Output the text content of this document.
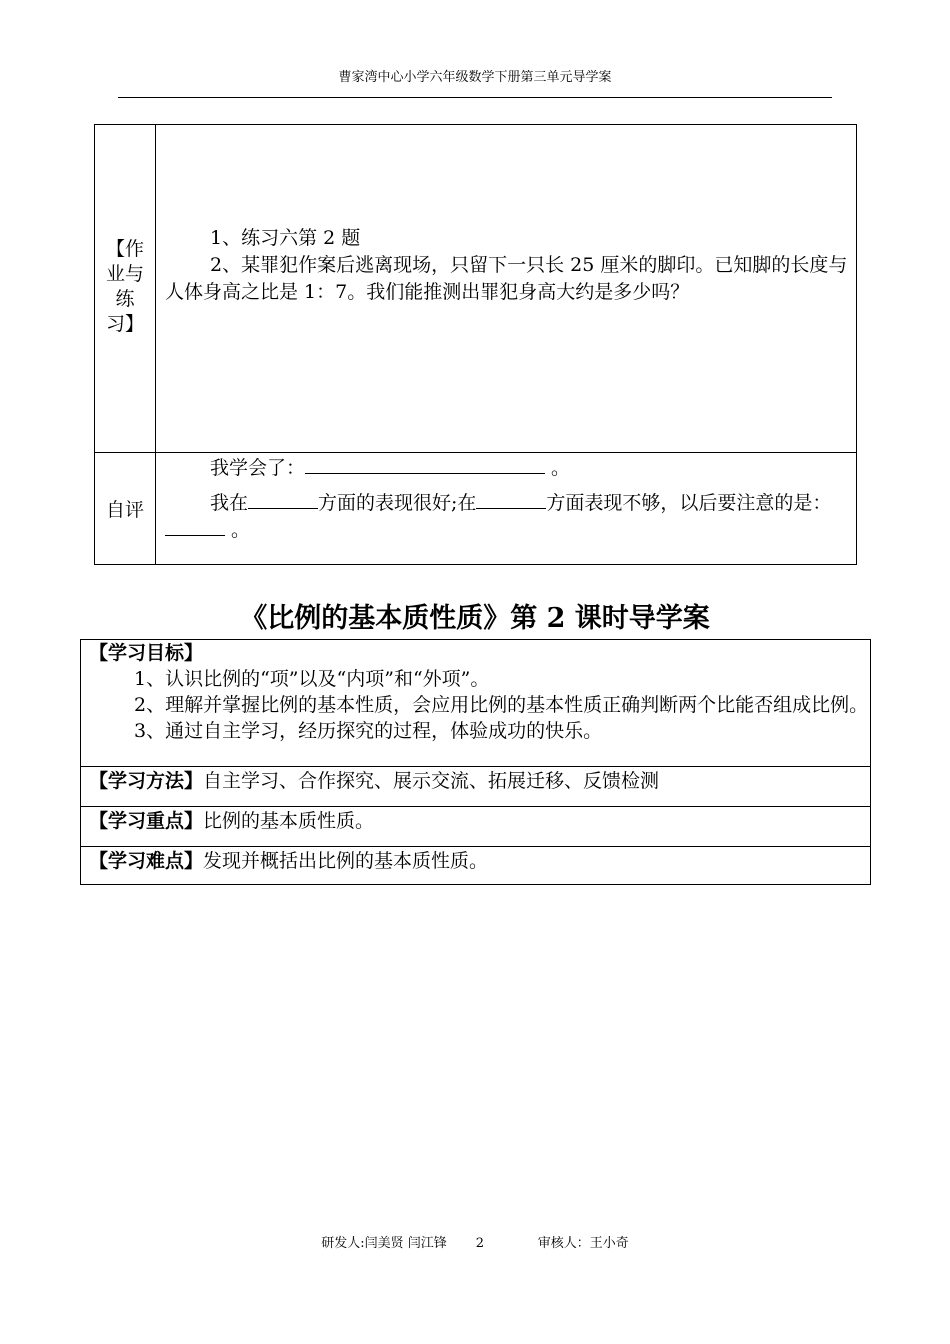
曹家湾中心小学六年级数学下册第三单元导学案
【作
业与
练
习】

1、练习六第 2 题

2、某罪犯作案后逃离现场，只留下一只长 25 厘米的脚印。已知脚的长度与人体身高之比是 1：7。我们能推测出罪犯身高大约是多少吗？

自评

我学会了：	。

我在	方面的表现很好;在	方面表现不够，以后要注意的是： 。

《比例的基本质性质》第 2 课时导学案

【学习目标】

1、认识比例的“项”以及“内项”和“外项”。

2、理解并掌握比例的基本性质，会应用比例的基本性质正确判断两个比能否组成比例。

3、通过自主学习，经历探究的过程，体验成功的快乐。

【学习方法】自主学习、合作探究、展示交流、拓展迁移、反馈检测
【学习重点】比例的基本质性质。
【学习难点】发现并概括出比例的基本质性质。
研发人:闫美贤 闫江锋 2	审核人：王小奇
